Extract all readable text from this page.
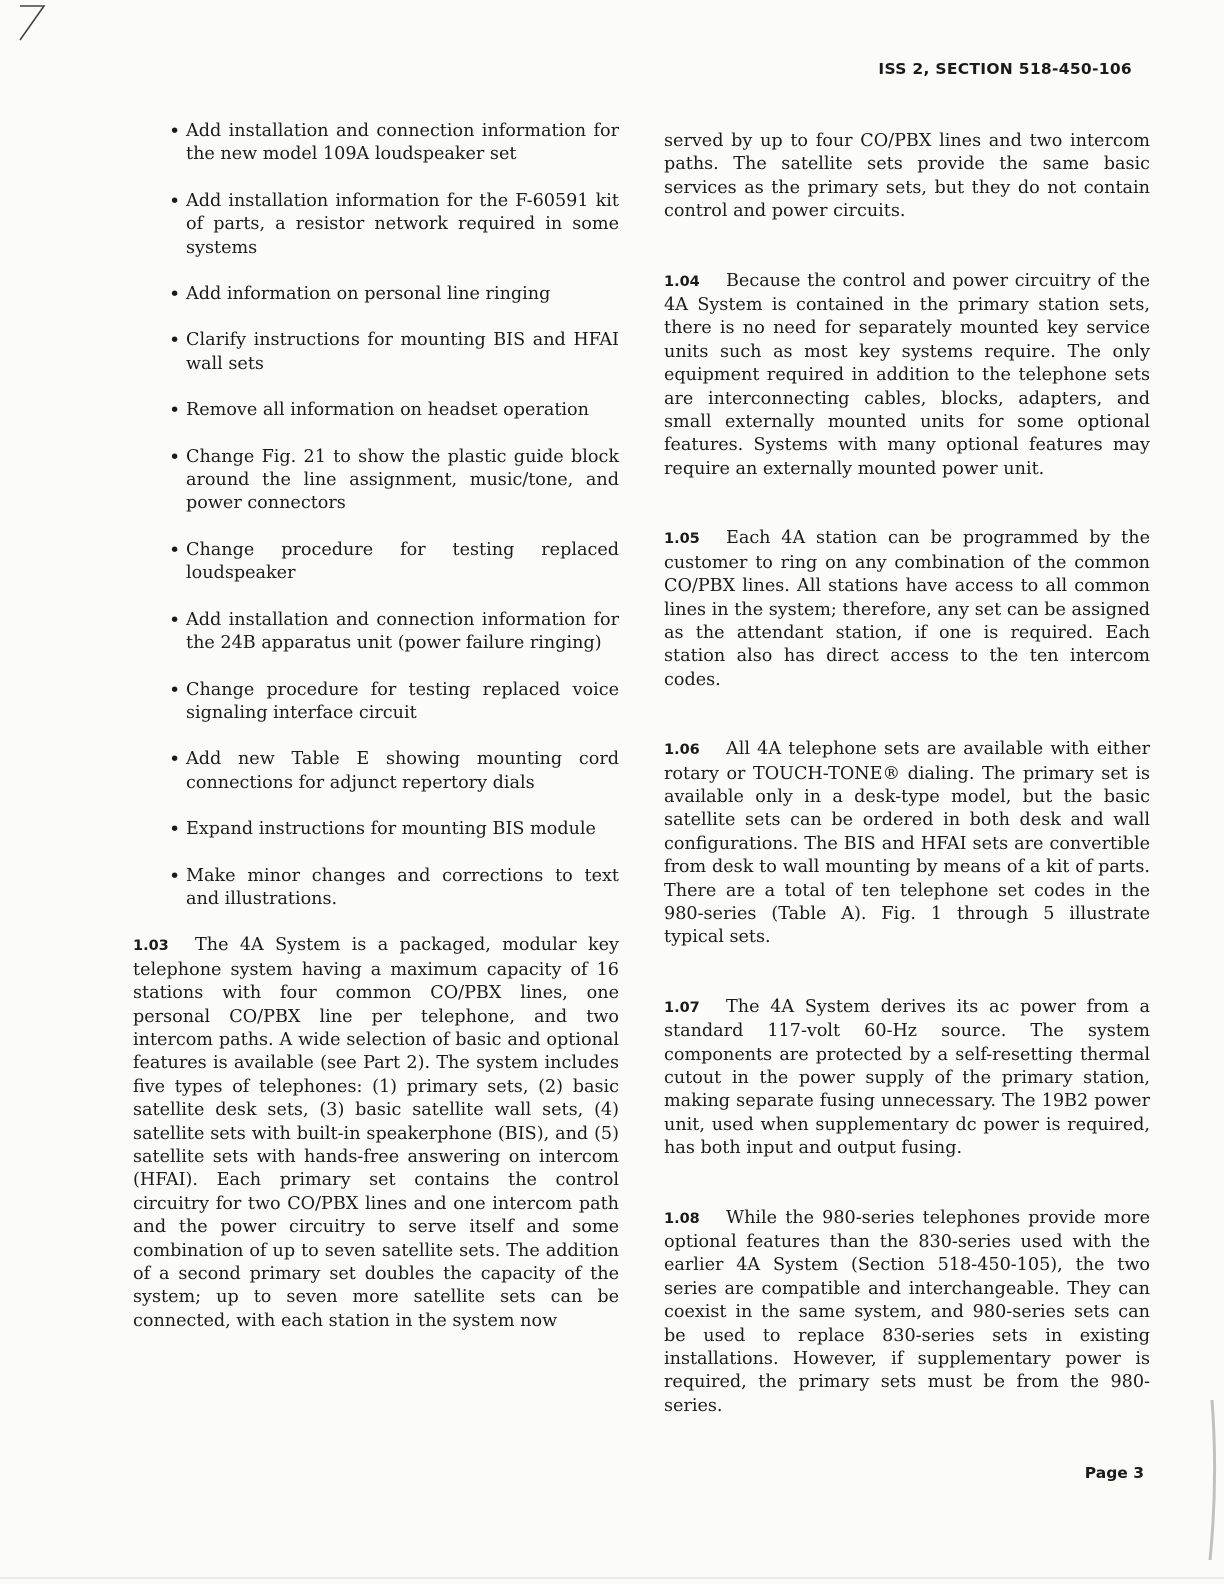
ISS 2, SECTION 518-450-106
• Add installation and connection information for the new model 109A loudspeaker set
• Add installation information for the F-60591 kit of parts, a resistor network required in some systems
• Add information on personal line ringing
• Clarify instructions for mounting BIS and HFAI wall sets
• Remove all information on headset operation
• Change Fig. 21 to show the plastic guide block around the line assignment, music/tone, and power connectors
• Change procedure for testing replaced loudspeaker
• Add installation and connection information for the 24B apparatus unit (power failure ringing)
• Change procedure for testing replaced voice signaling interface circuit
• Add new Table E showing mounting cord connections for adjunct repertory dials
• Expand instructions for mounting BIS module
• Make minor changes and corrections to text and illustrations.

1.03 The 4A System is a packaged, modular key telephone system having a maximum capacity of 16 stations with four common CO/PBX lines, one personal CO/PBX line per telephone, and two intercom paths. A wide selection of basic and optional features is available (see Part 2). The system includes five types of telephones: (1) primary sets, (2) basic satellite desk sets, (3) basic satellite wall sets, (4) satellite sets with built-in speakerphone (BIS), and (5) satellite sets with hands-free answering on intercom (HFAI). Each primary set contains the control circuitry for two CO/PBX lines and one intercom path and the power circuitry to serve itself and some combination of up to seven satellite sets. The addition of a second primary set doubles the capacity of the system; up to seven more satellite sets can be connected, with each station in the system now

served by up to four CO/PBX lines and two intercom paths. The satellite sets provide the same basic services as the primary sets, but they do not contain control and power circuits.

1.04 Because the control and power circuitry of the 4A System is contained in the primary station sets, there is no need for separately mounted key service units such as most key systems require. The only equipment required in addition to the telephone sets are interconnecting cables, blocks, adapters, and small externally mounted units for some optional features. Systems with many optional features may require an externally mounted power unit.

1.05 Each 4A station can be programmed by the customer to ring on any combination of the common CO/PBX lines. All stations have access to all common lines in the system; therefore, any set can be assigned as the attendant station, if one is required. Each station also has direct access to the ten intercom codes.

1.06 All 4A telephone sets are available with either rotary or TOUCH-TONE® dialing. The primary set is available only in a desk-type model, but the basic satellite sets can be ordered in both desk and wall configurations. The BIS and HFAI sets are convertible from desk to wall mounting by means of a kit of parts. There are a total of ten telephone set codes in the 980-series (Table A). Fig. 1 through 5 illustrate typical sets.

1.07 The 4A System derives its ac power from a standard 117-volt 60-Hz source. The system components are protected by a self-resetting thermal cutout in the power supply of the primary station, making separate fusing unnecessary. The 19B2 power unit, used when supplementary dc power is required, has both input and output fusing.

1.08 While the 980-series telephones provide more optional features than the 830-series used with the earlier 4A System (Section 518-450-105), the two series are compatible and interchangeable. They can coexist in the same system, and 980-series sets can be used to replace 830-series sets in existing installations. However, if supplementary power is required, the primary sets must be from the 980-series.

Page 3
